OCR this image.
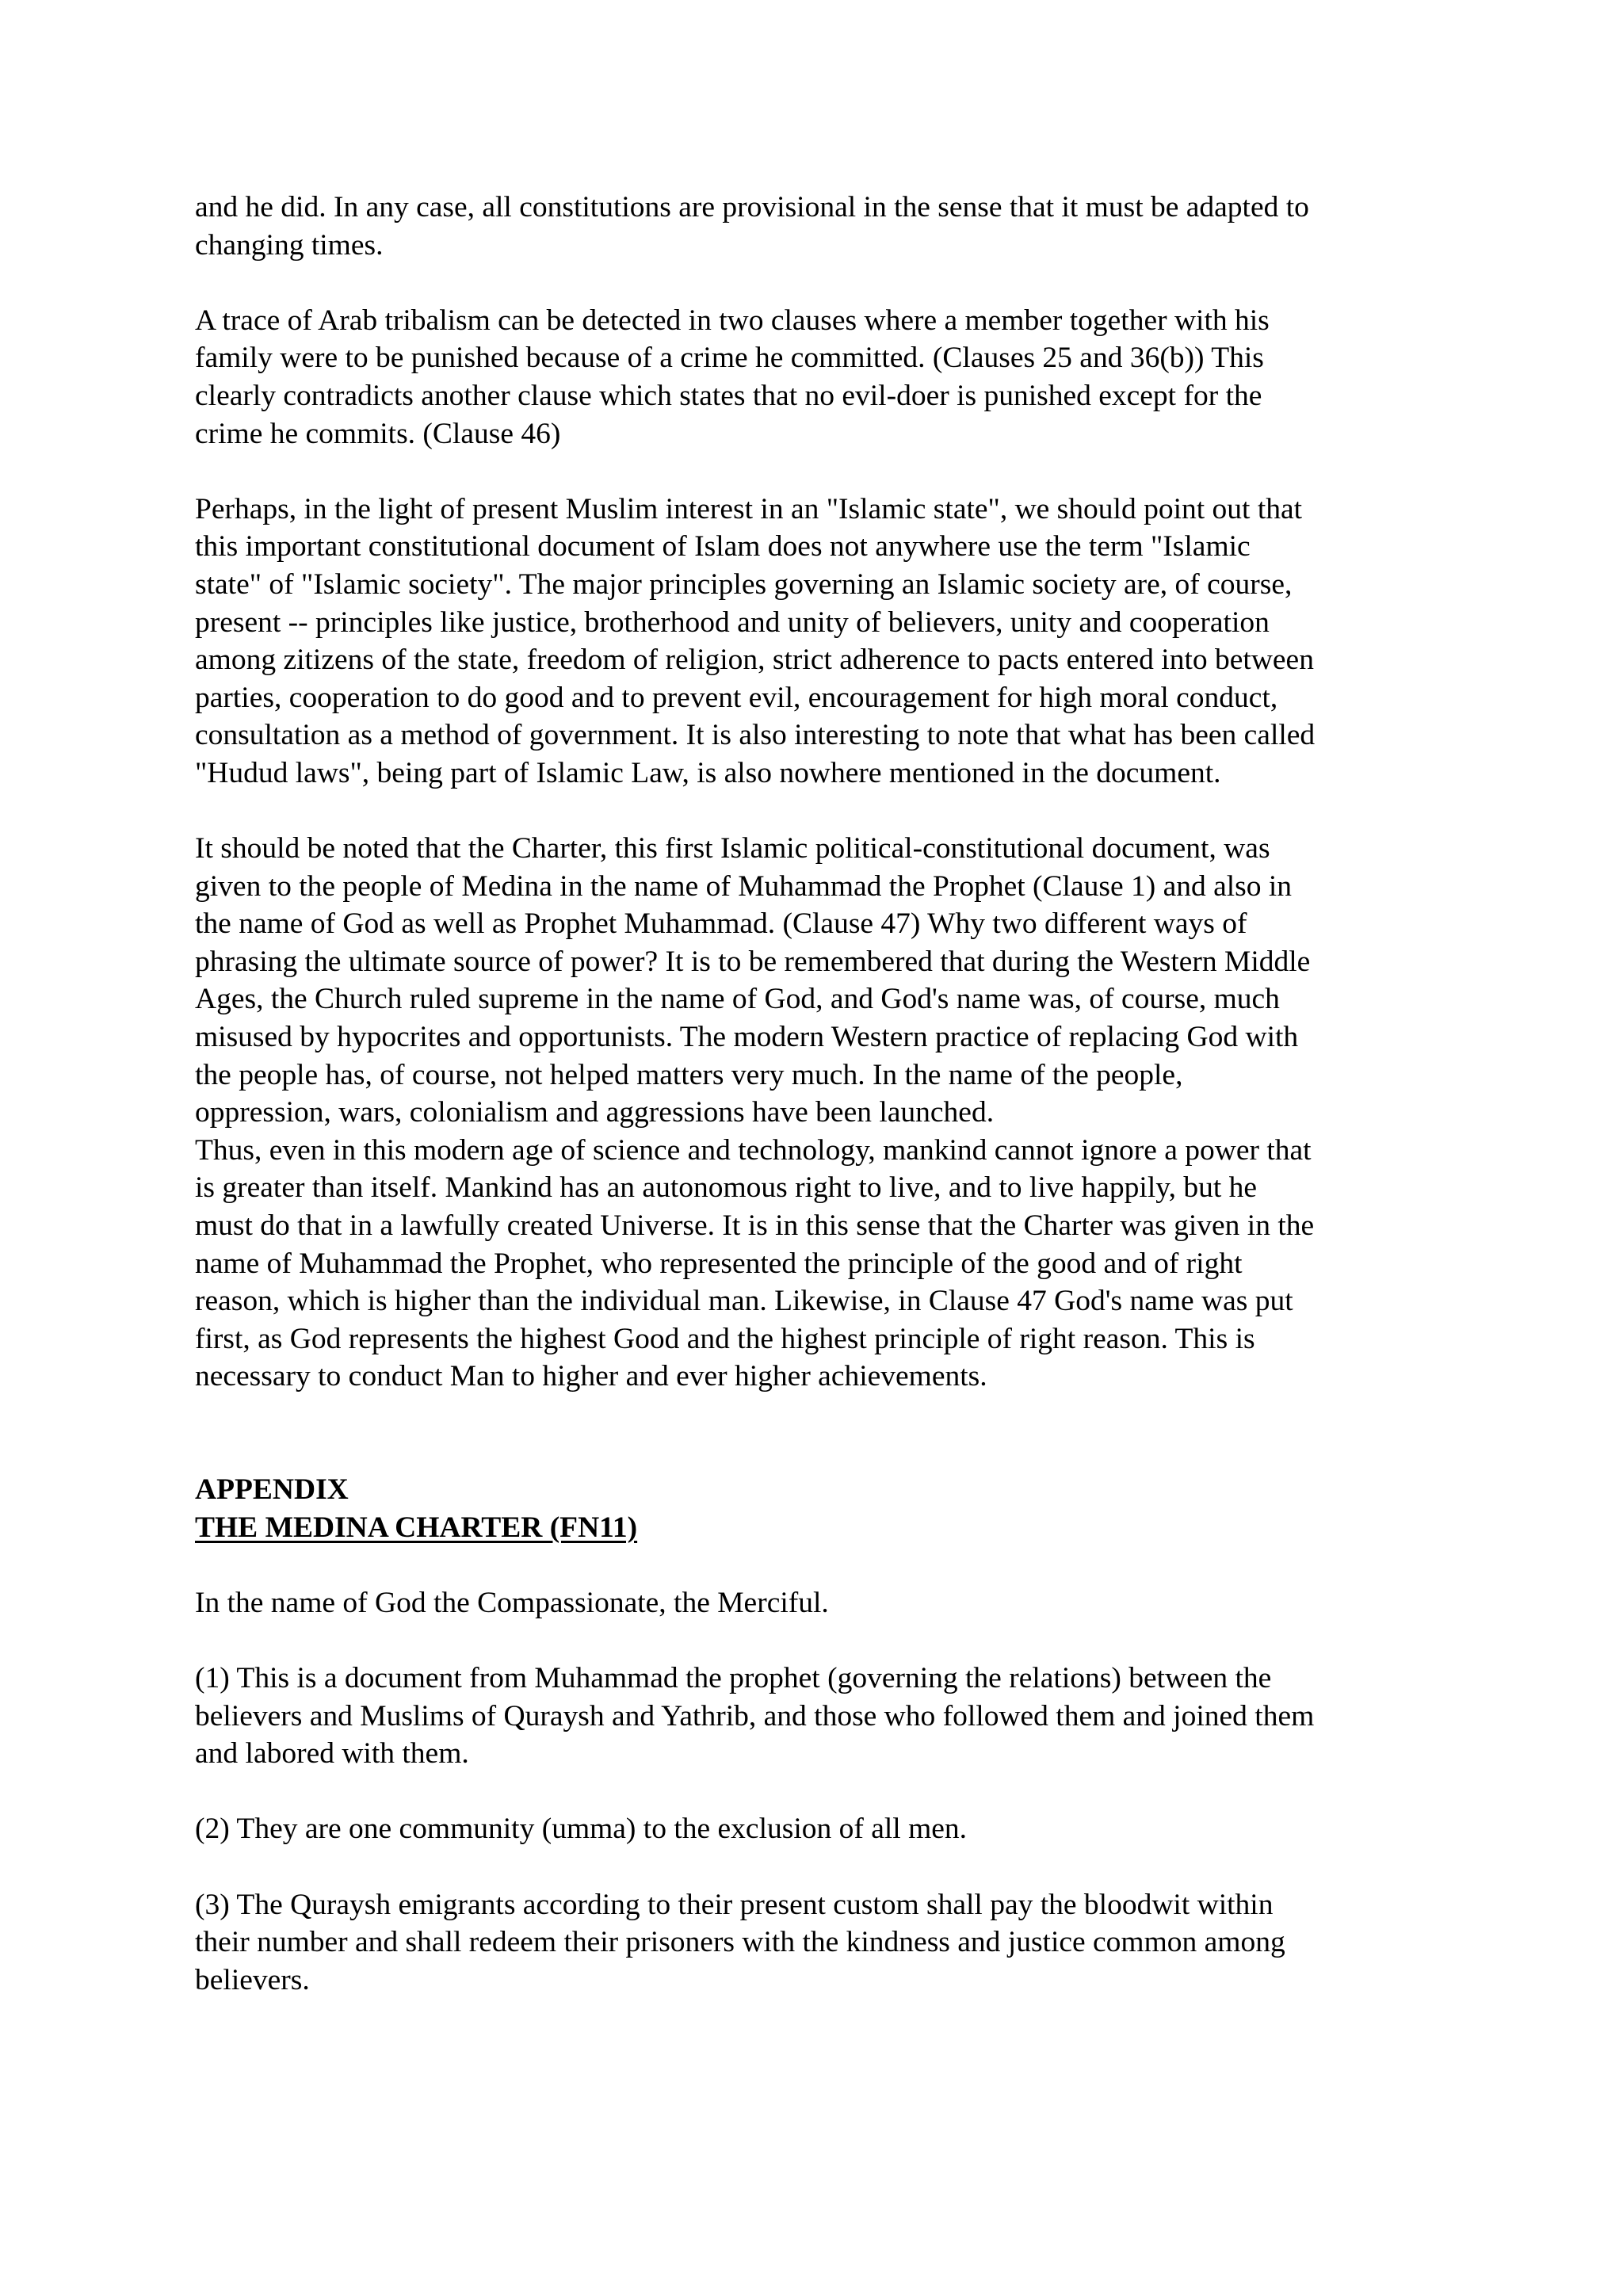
and he did. In any case, all constitutions are provisional in the sense that it must be adapted to
changing times.
A trace of Arab tribalism can be detected in two clauses where a member together with his
family were to be punished because of a crime he committed. (Clauses 25 and 36(b)) This
clearly contradicts another clause which states that no evil-doer is punished except for the
crime he commits. (Clause 46)
Perhaps, in the light of present Muslim interest in an "Islamic state", we should point out that
this important constitutional document of Islam does not anywhere use the term "Islamic
state" of "Islamic society". The major principles governing an Islamic society are, of course,
present -- principles like justice, brotherhood and unity of believers, unity and cooperation
among zitizens of the state, freedom of religion, strict adherence to pacts entered into between
parties, cooperation to do good and to prevent evil, encouragement for high moral conduct,
consultation as a method of government. It is also interesting to note that what has been called
"Hudud laws", being part of Islamic Law, is also nowhere mentioned in the document.
It should be noted that the Charter, this first Islamic political-constitutional document, was
given to the people of Medina in the name of Muhammad the Prophet (Clause 1) and also in
the name of God as well as Prophet Muhammad. (Clause 47) Why two different ways of
phrasing the ultimate source of power? It is to be remembered that during the Western Middle
Ages, the Church ruled supreme in the name of God, and God's name was, of course, much
misused by hypocrites and opportunists. The modern Western practice of replacing God with
the people has, of course, not helped matters very much. In the name of the people,
oppression, wars, colonialism and aggressions have been launched.
Thus, even in this modern age of science and technology, mankind cannot ignore a power that
is greater than itself. Mankind has an autonomous right to live, and to live happily, but he
must do that in a lawfully created Universe. It is in this sense that the Charter was given in the
name of Muhammad the Prophet, who represented the principle of the good and of right
reason, which is higher than the individual man. Likewise, in Clause 47 God's name was put
first, as God represents the highest Good and the highest principle of right reason. This is
necessary to conduct Man to higher and ever higher achievements.
APPENDIX
THE MEDINA CHARTER (FN11)
In the name of God the Compassionate, the Merciful.
(1) This is a document from Muhammad the prophet (governing the relations) between the
believers and Muslims of Quraysh and Yathrib, and those who followed them and joined them
and labored with them.
(2) They are one community (umma) to the exclusion of all men.
(3) The Quraysh emigrants according to their present custom shall pay the bloodwit within
their number and shall redeem their prisoners with the kindness and justice common among
believers.
